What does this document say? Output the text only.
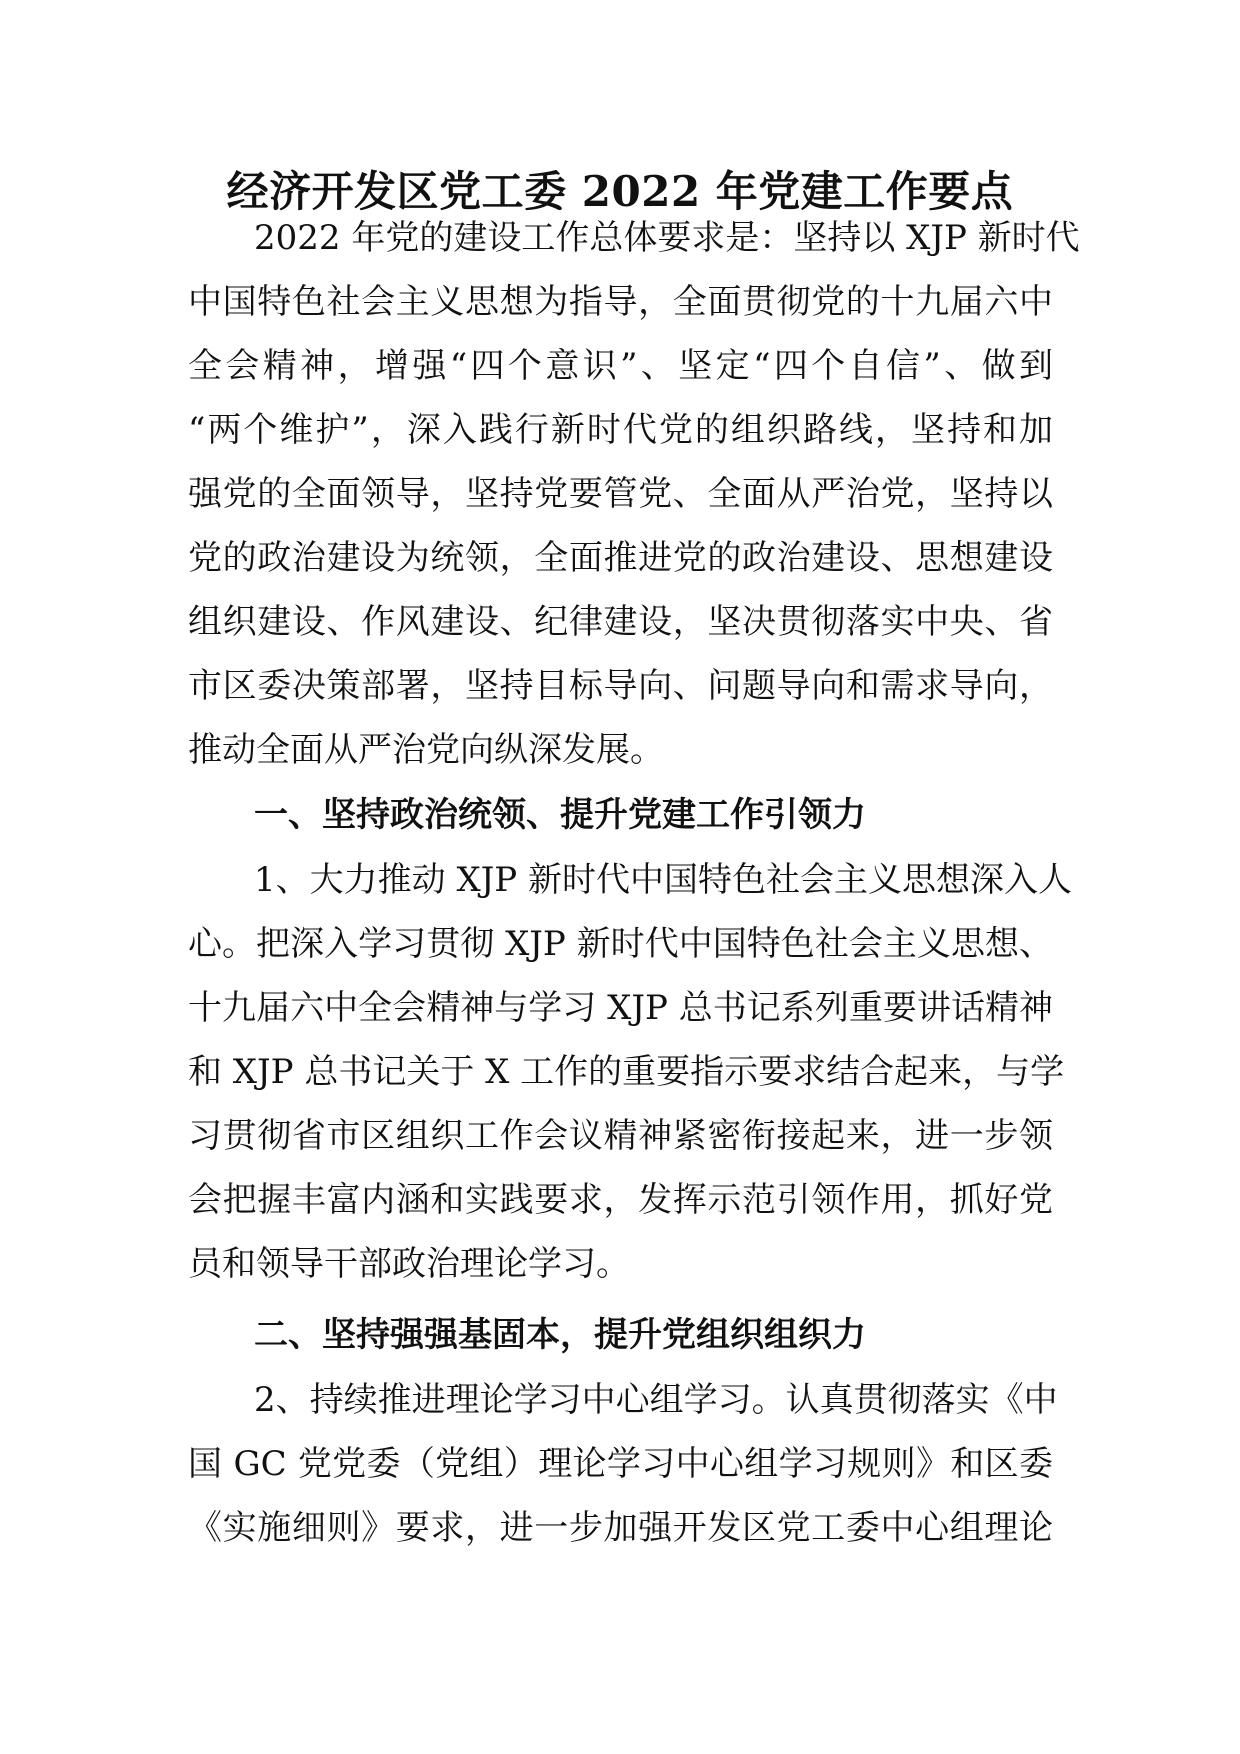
经济开发区党工委 2022 年党建工作要点
2022 年党的建设工作总体要求是：坚持以 XJP 新时代
中国特色社会主义思想为指导，全面贯彻党的十九届六中
全会精神，增强“四个意识”、坚定“四个自信”、做到
“两个维护”，深入践行新时代党的组织路线，坚持和加
强党的全面领导，坚持党要管党、全面从严治党，坚持以
党的政治建设为统领，全面推进党的政治建设、思想建设
组织建设、作风建设、纪律建设，坚决贯彻落实中央、省
市区委决策部署，坚持目标导向、问题导向和需求导向，
推动全面从严治党向纵深发展。
一、坚持政治统领、提升党建工作引领力
1、大力推动 XJP 新时代中国特色社会主义思想深入人
心。把深入学习贯彻 XJP 新时代中国特色社会主义思想、
十九届六中全会精神与学习 XJP 总书记系列重要讲话精神
和 XJP 总书记关于 X 工作的重要指示要求结合起来，与学
习贯彻省市区组织工作会议精神紧密衔接起来，进一步领
会把握丰富内涵和实践要求，发挥示范引领作用，抓好党
员和领导干部政治理论学习。
二、坚持强强基固本，提升党组织组织力
2、持续推进理论学习中心组学习。认真贯彻落实《中
国 GC 党党委（党组）理论学习中心组学习规则》和区委
《实施细则》要求，进一步加强开发区党工委中心组理论
